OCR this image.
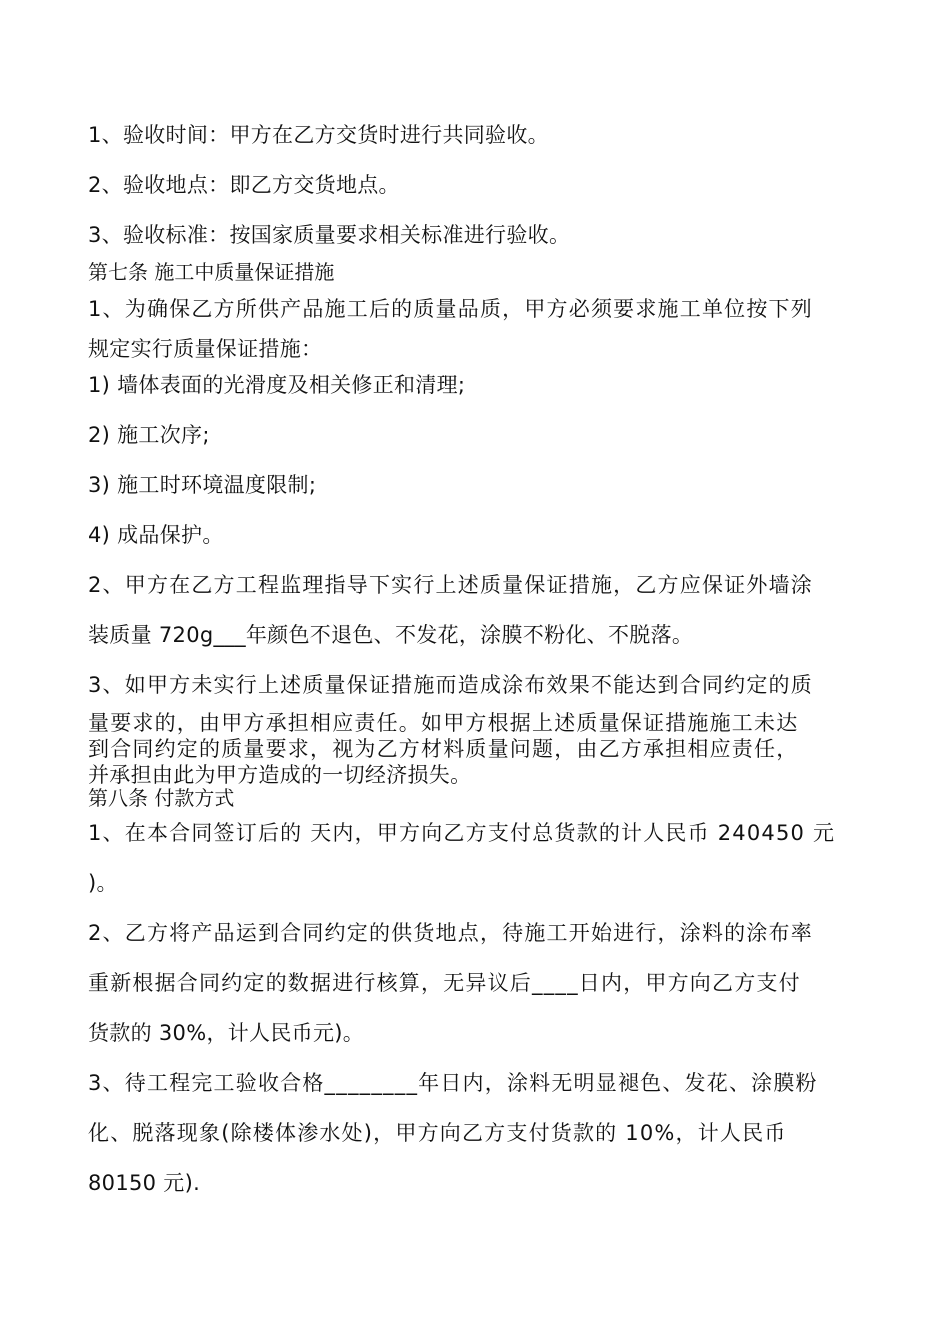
1、验收时间：甲方在乙方交货时进行共同验收。
2、验收地点：即乙方交货地点。
3、验收标准：按国家质量要求相关标准进行验收。
第七条 施工中质量保证措施
1、为确保乙方所供产品施工后的质量品质，甲方必须要求施工单位按下列
规定实行质量保证措施：
1) 墙体表面的光滑度及相关修正和清理;
2) 施工次序;
3) 施工时环境温度限制;
4) 成品保护。
2、甲方在乙方工程监理指导下实行上述质量保证措施，乙方应保证外墙涂
装质量 720g___年颜色不退色、不发花，涂膜不粉化、不脱落。
3、如甲方未实行上述质量保证措施而造成涂布效果不能达到合同约定的质
量要求的，由甲方承担相应责任。如甲方根据上述质量保证措施施工未达
到合同约定的质量要求，视为乙方材料质量问题，由乙方承担相应责任，
并承担由此为甲方造成的一切经济损失。
第八条 付款方式
1、在本合同签订后的 天内，甲方向乙方支付总货款的计人民币 240450 元
)。
2、乙方将产品运到合同约定的供货地点，待施工开始进行，涂料的涂布率
重新根据合同约定的数据进行核算，无异议后____日内，甲方向乙方支付
货款的 30%，计人民币元)。
3、待工程完工验收合格________年日内，涂料无明显褪色、发花、涂膜粉
化、脱落现象(除楼体渗水处)，甲方向乙方支付货款的 10%，计人民币
80150 元).
